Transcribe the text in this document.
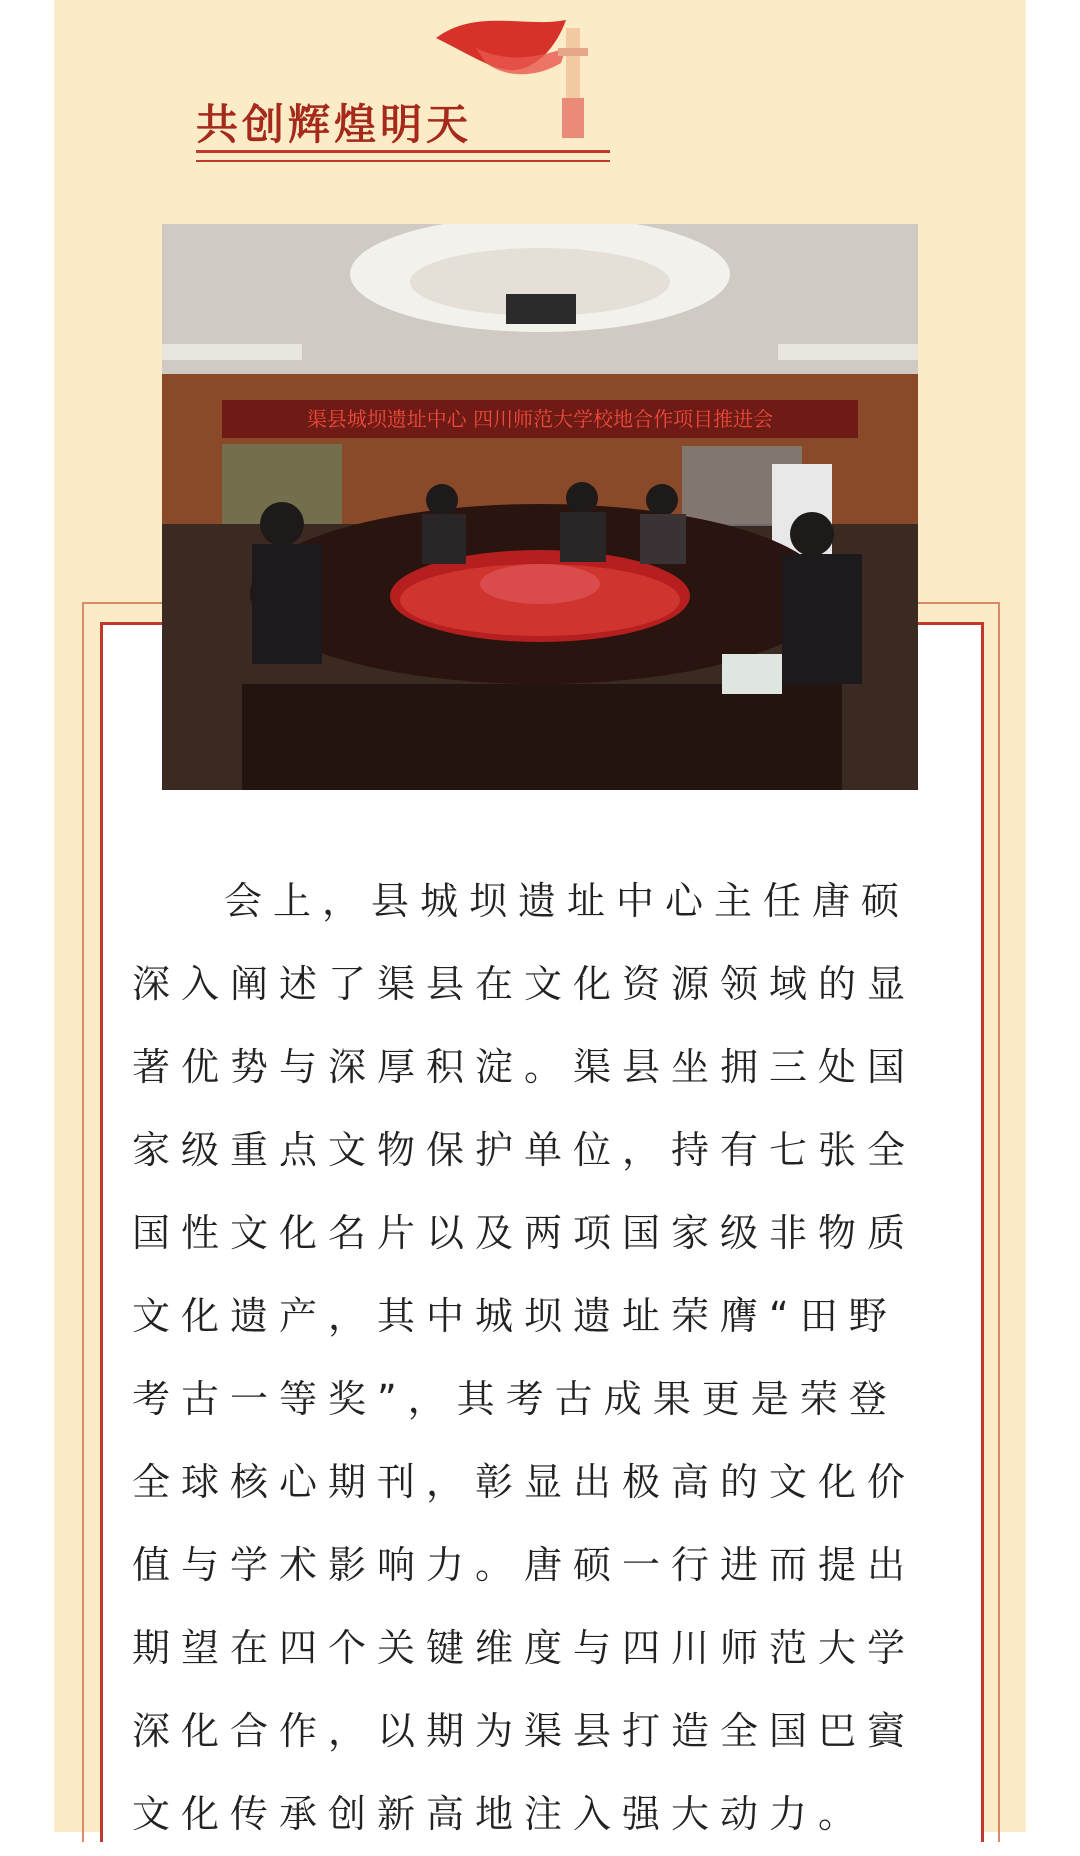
共创辉煌明天
渠县城坝遗址中心 四川师范大学校地合作项目推进会

会上，县城坝遗址中心主任唐硕深入阐述了渠县在文化资源领域的显著优势与深厚积淀。渠县坐拥三处国家级重点文物保护单位，持有七张全国性文化名片以及两项国家级非物质文化遗产，其中城坝遗址荣膺“田野考古一等奖”，其考古成果更是荣登全球核心期刊，彰显出极高的文化价值与学术影响力。唐硕一行进而提出期望在四个关键维度与四川师范大学深化合作，以期为渠县打造全国巴賨文化传承创新高地注入强大动力。
